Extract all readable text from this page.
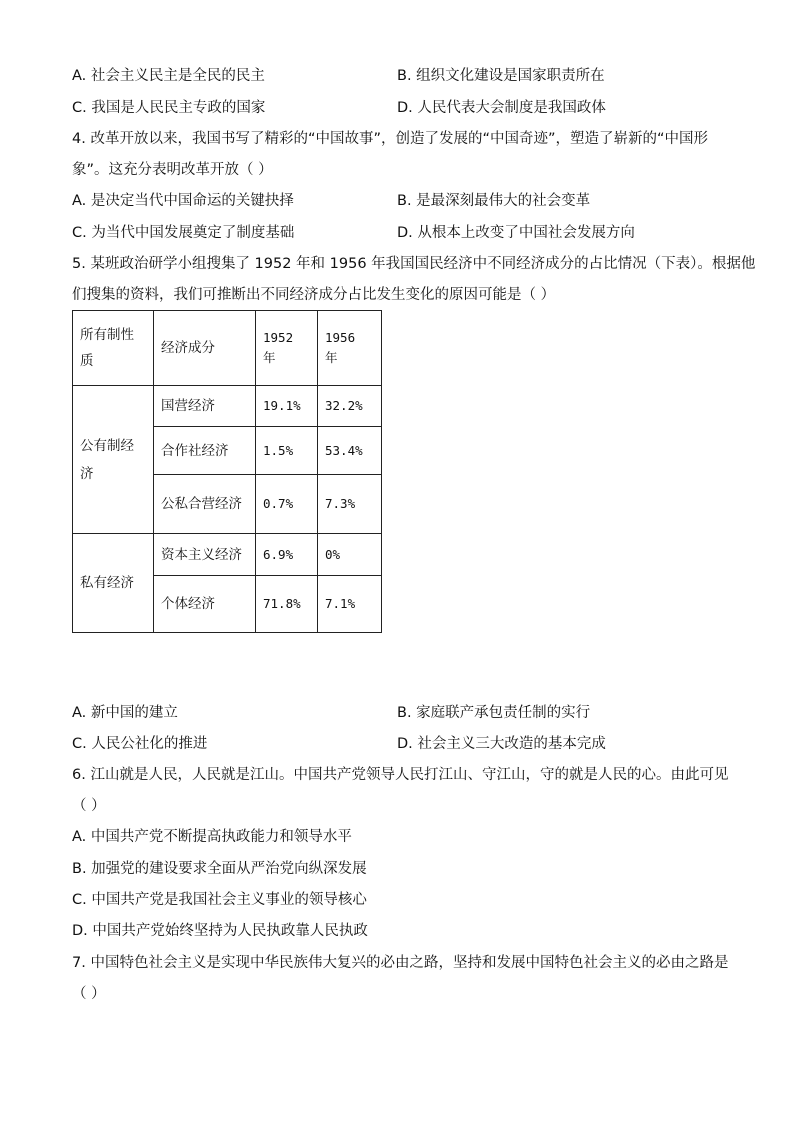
A. 社会主义民主是全民的民主	B. 组织文化建设是国家职责所在
C. 我国是人民民主专政的国家	D. 人民代表大会制度是我国政体
4. 改革开放以来，我国书写了精彩的“中国故事”，创造了发展的“中国奇迹”，塑造了崭新的“中国形
象”。这充分表明改革开放（ ）
A. 是决定当代中国命运的关键抉择	B. 是最深刻最伟大的社会变革
C. 为当代中国发展奠定了制度基础	D. 从根本上改变了中国社会发展方向
5. 某班政治研学小组搜集了 1952 年和 1956 年我国国民经济中不同经济成分的占比情况（下表）。根据他
们搜集的资料，我们可推断出不同经济成分占比发生变化的原因可能是（ ）
所有制性质	经济成分	1952 年	1956 年
公有制经济	国营经济	19.1%	32.2%
	合作社经济	1.5%	53.4%
	公私合营经济	0.7%	7.3%
私有经济	资本主义经济	6.9%	0%
	个体经济	71.8%	7.1%
A. 新中国的建立	B. 家庭联产承包责任制的实行
C. 人民公社化的推进	D. 社会主义三大改造的基本完成
6. 江山就是人民，人民就是江山。中国共产党领导人民打江山、守江山，守的就是人民的心。由此可见
（ ）
A. 中国共产党不断提高执政能力和领导水平
B. 加强党的建设要求全面从严治党向纵深发展
C. 中国共产党是我国社会主义事业的领导核心
D. 中国共产党始终坚持为人民执政靠人民执政
7. 中国特色社会主义是实现中华民族伟大复兴的必由之路，坚持和发展中国特色社会主义的必由之路是
（ ）
